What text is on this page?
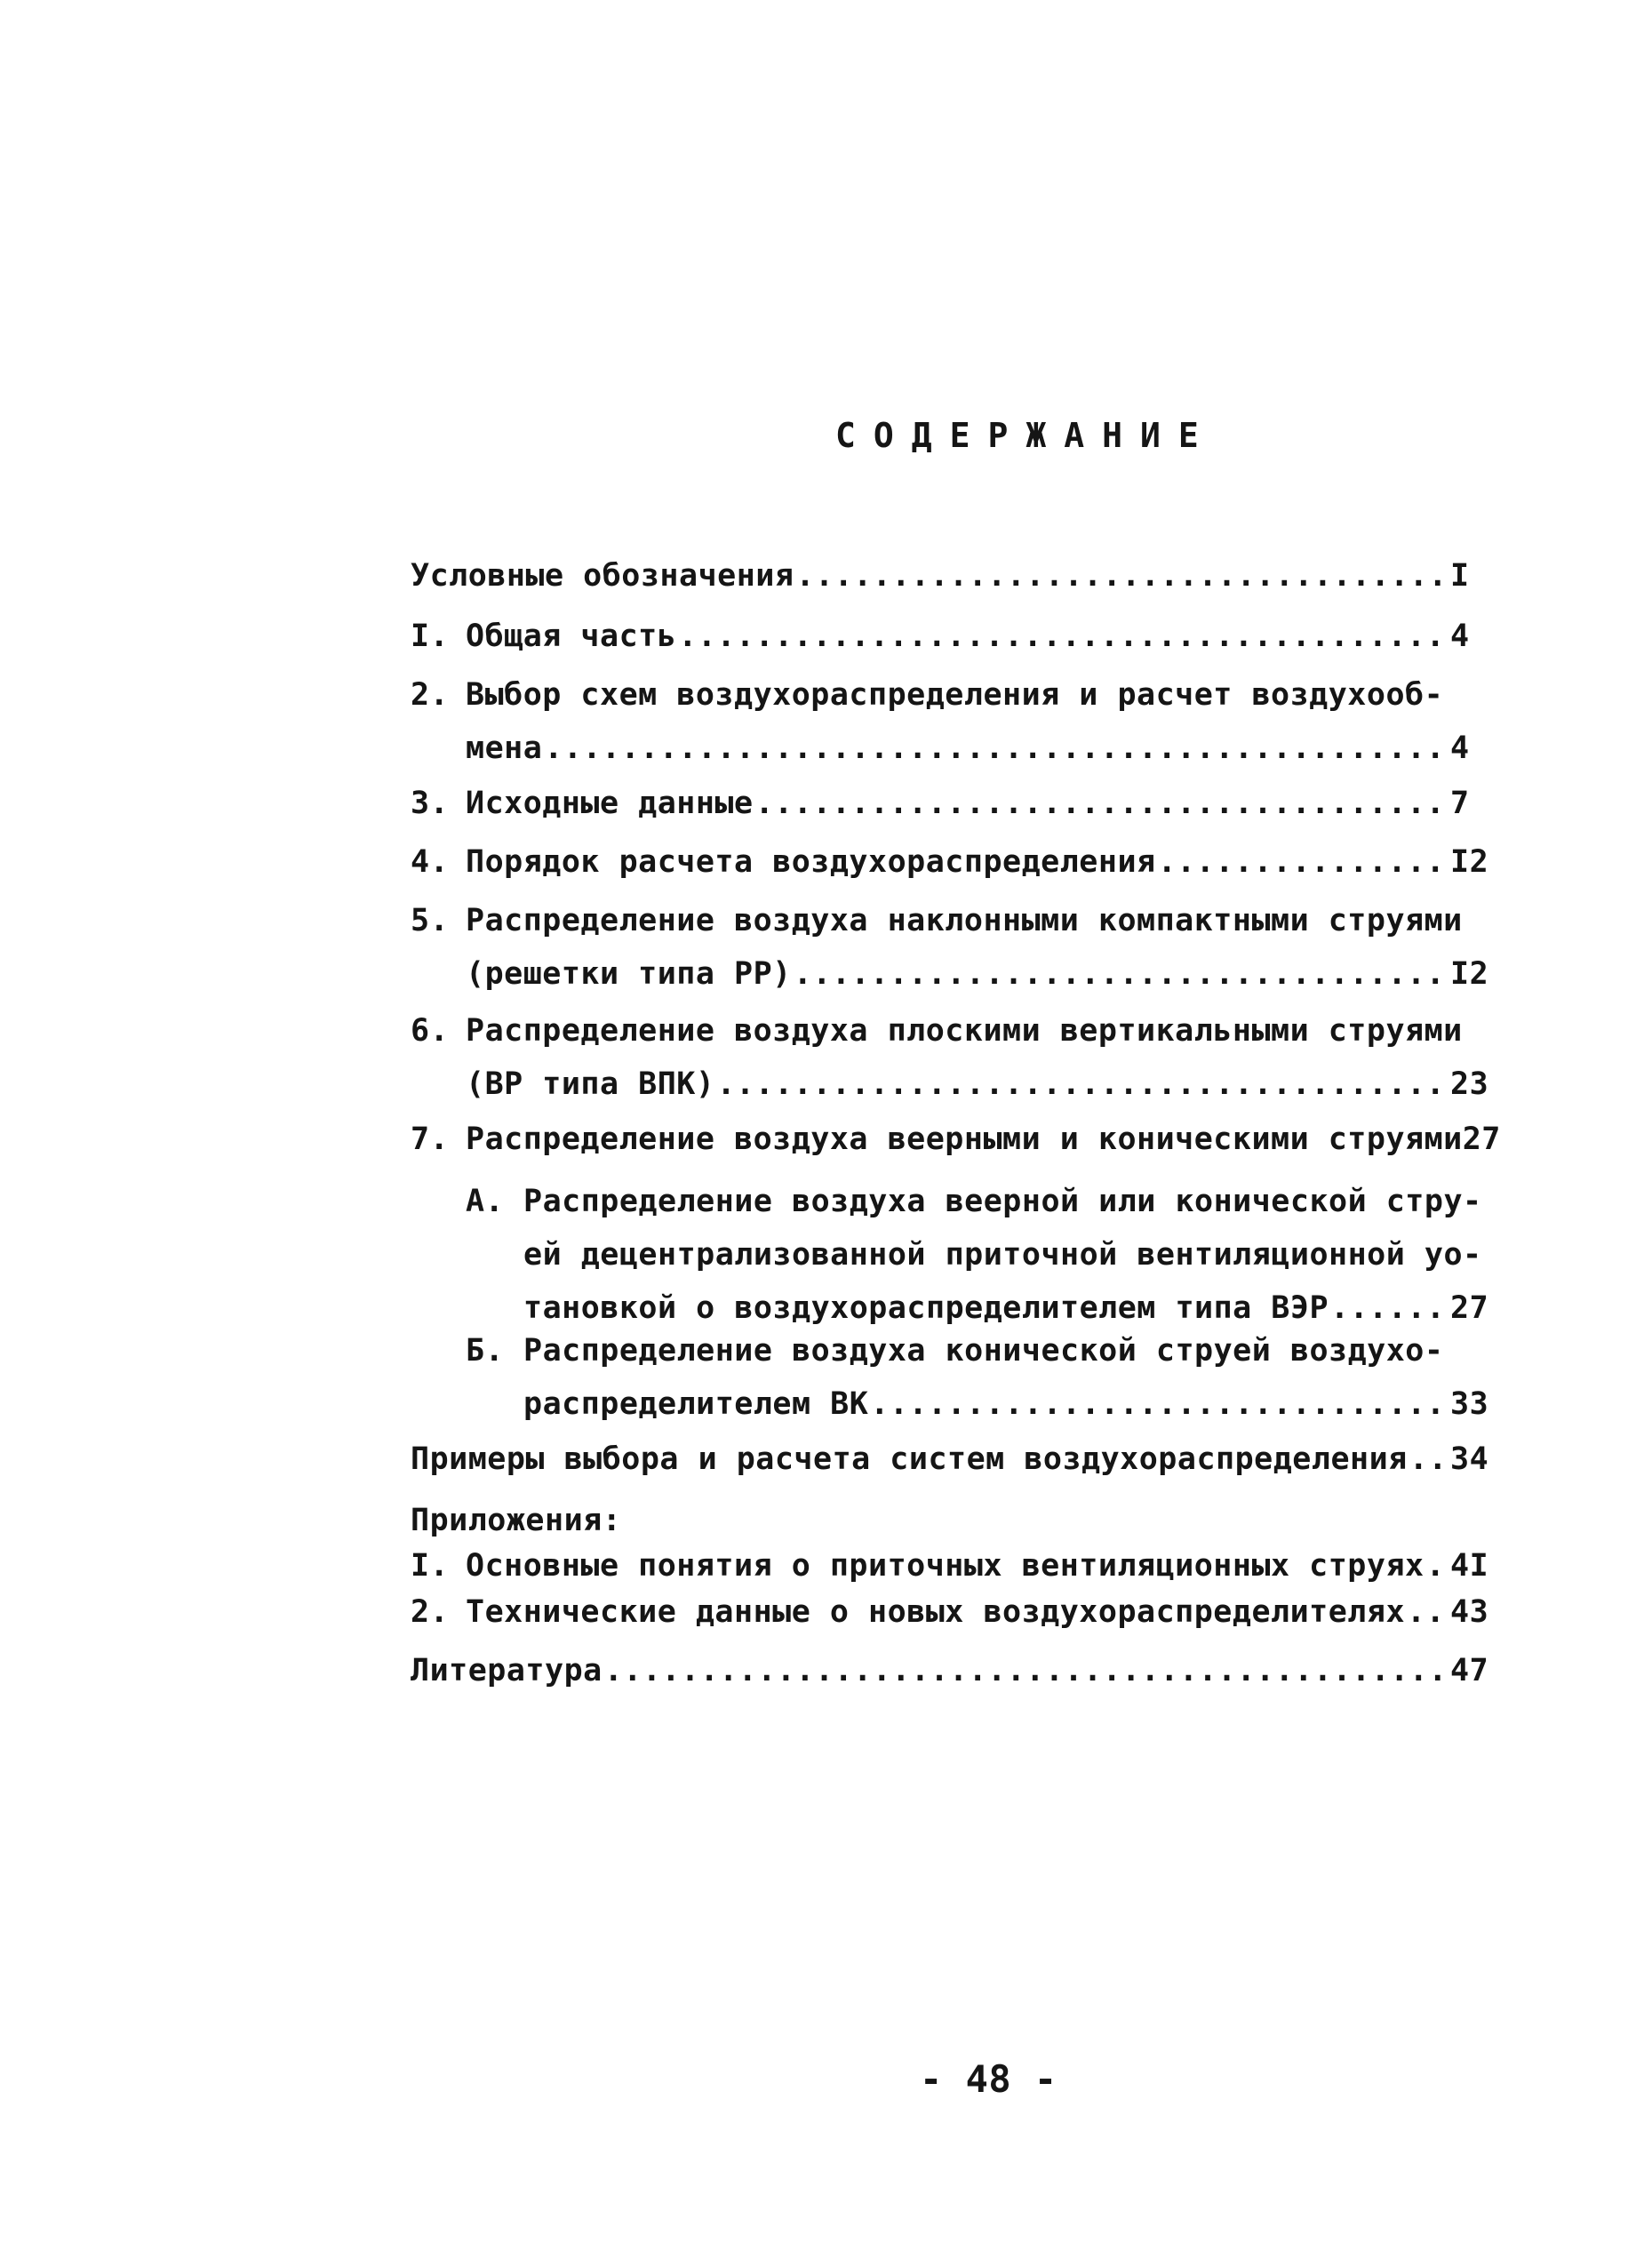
СОДЕРЖАНИЕ
Условные обозначения .....	I
I. Общая часть .....	4
2. Выбор схем воздухораспределения и расчет воздухооб-
мена .....	4
3. Исходные данные .....	7
4. Порядок расчета воздухораспределения .....	I2
5. Распределение воздуха наклонными компактными струями
(решетки типа РР) .....	I2
6. Распределение воздуха плоскими вертикальными струями
(ВР типа ВПК) .....	23
7. Распределение воздуха веерными и коническими струями 27
А. Распределение воздуха веерной или конической стру-
ей децентрализованной приточной вентиляционной уо-
тановкой о воздухораспределителем типа ВЭР .....	27
Б. Распределение воздуха конической струей воздухо-
распределителем ВК .....	33
Примеры выбора и расчета систем воздухораспределения ..... 34
Приложения:
I. Основные понятия о приточных вентиляционных струях ..... 4I
2. Технические данные о новых воздухораспределителях ..... 43
Литература .....	47
- 48 -
